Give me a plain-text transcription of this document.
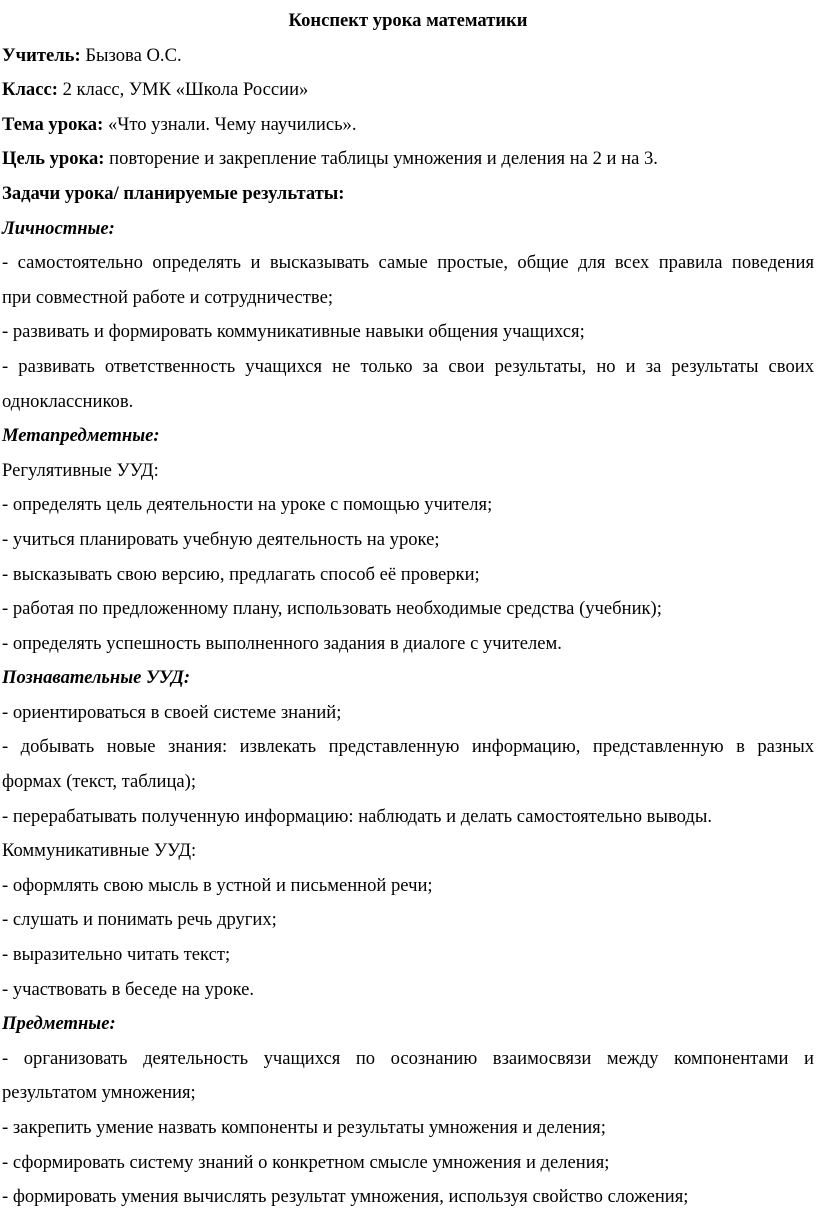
Конспект урока математики
Учитель: Бызова О.С.
Класс: 2 класс, УМК «Школа России»
Тема урока: «Что узнали. Чему научились».
Цель урока: повторение и закрепление таблицы умножения и деления на 2 и на 3.
Задачи урока/ планируемые результаты:
Личностные:
- самостоятельно определять и высказывать самые простые, общие для всех правила поведения
при совместной работе и сотрудничестве;
- развивать и формировать коммуникативные навыки общения учащихся;
- развивать ответственность учащихся не только за свои результаты, но и за результаты своих
одноклассников.
Метапредметные:
Регулятивные УУД:
- определять цель деятельности на уроке с помощью учителя;
- учиться планировать учебную деятельность на уроке;
- высказывать свою версию, предлагать способ её проверки;
- работая по предложенному плану, использовать необходимые средства (учебник);
- определять успешность выполненного задания в диалоге с учителем.
Познавательные УУД:
- ориентироваться в своей системе знаний;
- добывать новые знания: извлекать представленную информацию, представленную в разных
формах (текст, таблица);
- перерабатывать полученную информацию: наблюдать и делать самостоятельно выводы.
Коммуникативные УУД:
- оформлять свою мысль в устной и письменной речи;
- слушать и понимать речь других;
- выразительно читать текст;
- участвовать в беседе на уроке.
Предметные:
- организовать деятельность учащихся по осознанию взаимосвязи между компонентами и
результатом умножения;
- закрепить умение назвать компоненты и результаты умножения и деления;
- сформировать систему знаний о конкретном смысле умножения и деления;
- формировать умения вычислять результат умножения, используя свойство сложения;
